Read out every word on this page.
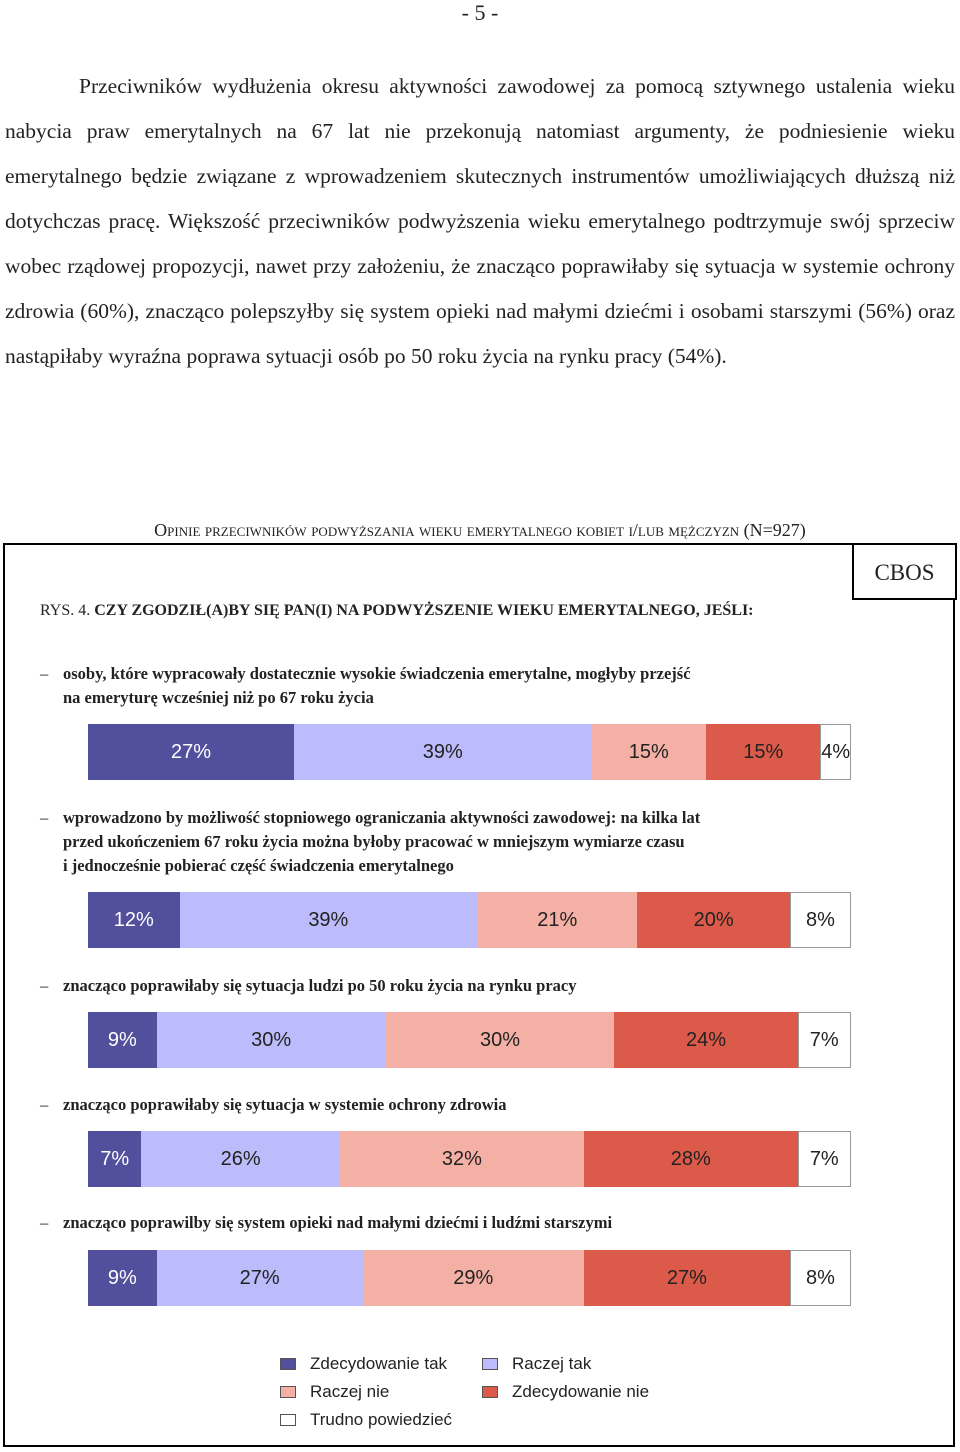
- 5 -

Przeciwników wydłużenia okresu aktywności zawodowej za pomocą sztywnego ustalenia wieku nabycia praw emerytalnych na 67 lat nie przekonują natomiast argumenty, że podniesienie wieku emerytalnego będzie związane z wprowadzeniem skutecznych instrumentów umożliwiających dłuższą niż dotychczas pracę. Większość przeciwników podwyższenia wieku emerytalnego podtrzymuje swój sprzeciw wobec rządowej propozycji, nawet przy założeniu, że znacząco poprawiłaby się sytuacja w systemie ochrony zdrowia (60%), znacząco polepszyłby się system opieki nad małymi dziećmi i osobami starszymi (56%) oraz nastąpiłaby wyraźna poprawa sytuacji osób po 50 roku życia na rynku pracy (54%).

Opinie przeciwników podwyższania wieku emerytalnego kobiet i/lub mężczyzn (N=927)
CBOS
RYS. 4. CZY ZGODZIŁ(A)BY SIĘ PAN(I) NA PODWYŻSZENIE WIEKU EMERYTALNEGO, JEŚLI:
– osoby, które wypracowały dostatecznie wysokie świadczenia emerytalne, mogłyby przejść
na emeryturę wcześniej niż po 67 roku życia
27%	39%	15%	15%	4%
– wprowadzono by możliwość stopniowego ograniczania aktywności zawodowej: na kilka lat
przed ukończeniem 67 roku życia można byłoby pracować w mniejszym wymiarze czasu
i jednocześnie pobierać część świadczenia emerytalnego
12%	39%	21%	20%	8%
– znacząco poprawiłaby się sytuacja ludzi po 50 roku życia na rynku pracy
9%	30%	30%	24%	7%
– znacząco poprawiłaby się sytuacja w systemie ochrony zdrowia
7%	26%	32%	28%	7%
– znacząco poprawilby się system opieki nad małymi dziećmi i ludźmi starszymi
9%	27%	29%	27%	8%
Zdecydowanie tak	Raczej tak
Raczej nie	Zdecydowanie nie
Trudno powiedzieć
